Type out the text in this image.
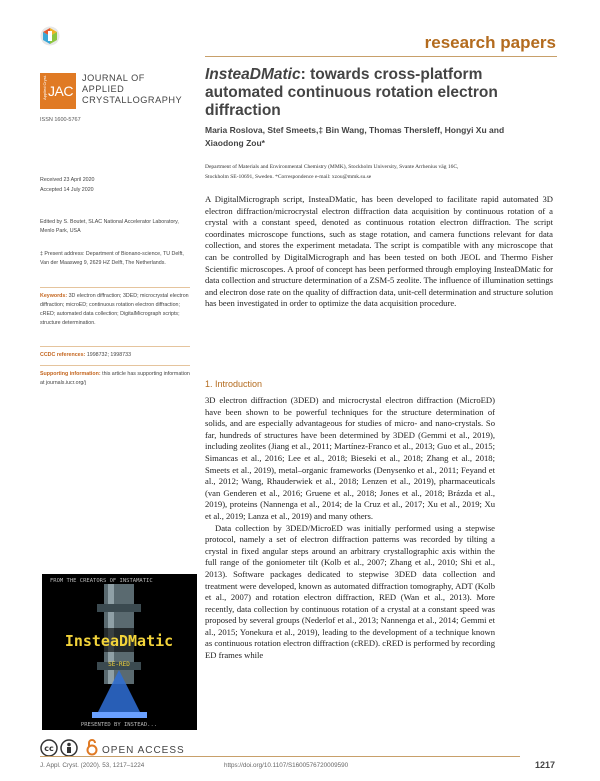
research papers
Applied Cryst. JAC
JOURNAL OF
APPLIED
CRYSTALLOGRAPHY
ISSN 1600-5767
InsteaDMatic: towards cross-platform automated continuous rotation electron diffraction
Maria Roslova, Stef Smeets,‡ Bin Wang, Thomas Thersleff, Hongyi Xu and
Xiaodong Zou*
Department of Materials and Environmental Chemistry (MMK), Stockholm University, Svante Arrhenius väg 16C,
Stockholm SE-10691, Sweden. *Correspondence e-mail: xzou@mmk.su.se
Received 23 April 2020
Accepted 14 July 2020
Edited by S. Boutet, SLAC National Accelerator Laboratory, Menlo Park, USA
‡ Present address: Department of Bionano-science, TU Delft, Van der Maasweg 9, 2629 HZ Delft, The Netherlands.
Keywords: 3D electron diffraction; 3DED; microcrystal electron diffraction; microED; continuous rotation electron diffraction; cRED; automated data collection; DigitalMicrograph scripts; structure determination.
CCDC references: 1998732; 1998733
Supporting information: this article has supporting information at journals.iucr.org/j
A DigitalMicrograph script, InsteaDMatic, has been developed to facilitate rapid automated 3D electron diffraction/microcrystal electron diffraction data acquisition by continuous rotation of a crystal with a constant speed, denoted as continuous rotation electron diffraction. The script coordinates microscope functions, such as stage rotation, and camera functions relevant for data collection, and stores the experiment metadata. The script is compatible with any microscope that can be controlled by DigitalMicrograph and has been tested on both JEOL and Thermo Fisher Scientific microscopes. A proof of concept has been performed through employing InsteaDMatic for data collection and structure determination of a ZSM-5 zeolite. The influence of illumination settings and electron dose rate on the quality of diffraction data, unit-cell determination and structure solution has been investigated in order to optimize the data acquisition procedure.
1. Introduction

3D electron diffraction (3DED) and microcrystal electron diffraction (MicroED) have been shown to be powerful techniques for the structure determination of solids, and are especially advantageous for studies of micro- and nano-crystals. So far, hundreds of structures have been determined by 3DED (Gemmi et al., 2019), including zeolites (Jiang et al., 2011; Martínez-Franco et al., 2013; Guo et al., 2015; Simancas et al., 2016; Lee et al., 2018; Bieseki et al., 2018; Zhang et al., 2018; Smeets et al., 2019), metal–organic frameworks (Denysenko et al., 2011; Feyand et al., 2012; Wang, Rhauderwiek et al., 2018; Lenzen et al., 2019), pharmaceuticals (van Genderen et al., 2016; Gruene et al., 2018; Jones et al., 2018; Brázda et al., 2019), proteins (Nannenga et al., 2014; de la Cruz et al., 2017; Xu et al., 2019; Xu et al., 2019; Lanza et al., 2019) and many others.

Data collection by 3DED/MicroED was initially performed using a stepwise protocol, namely a set of electron diffraction patterns was recorded by tilting a crystal in fixed angular steps around an arbitrary crystallographic axis within the full range of the goniometer tilt (Kolb et al., 2007; Zhang et al., 2010; Shi et al., 2013). Software packages dedicated to stepwise 3DED data collection and treatment were developed, known as automated diffraction tomography, ADT (Kolb et al., 2007) and rotation electron diffraction, RED (Wan et al., 2013). More recently, data collection by continuous rotation of a crystal at a constant speed was proposed by several groups (Nederlof et al., 2013; Nannenga et al., 2014; Gemmi et al., 2015; Yonekura et al., 2019), leading to the development of a technique known as continuous rotation electron diffraction (cRED). cRED is performed by recording ED frames while

FROM THE CREATORS OF INSTAMATIC
InsteaDMatic
SE-RED
PRESENTED BY INSTEAD...
cc	OPEN ACCESS
J. Appl. Cryst. (2020). 53, 1217–1224	https://doi.org/10.1107/S1600576720009590	1217
